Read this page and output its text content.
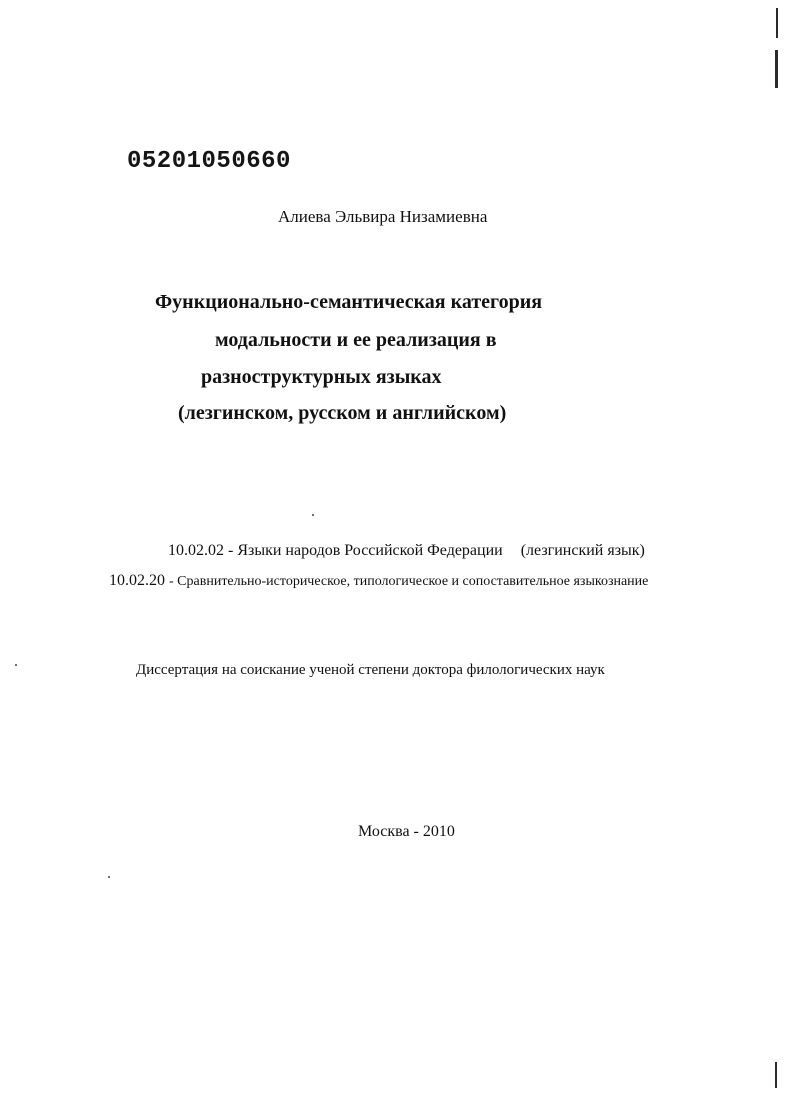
05201050660
Алиева Эльвира Низамиевна
Функционально-семантическая категория
модальности и ее реализация в
разноструктурных языках
(лезгинском, русском и английском)
10.02.02 - Языки народов Российской Федерации (лезгинский язык)
10.02.20 - Сравнительно-историческое, типологическое и сопоставительное языкознание
Диссертация на соискание ученой степени доктора филологических наук
Москва - 2010
